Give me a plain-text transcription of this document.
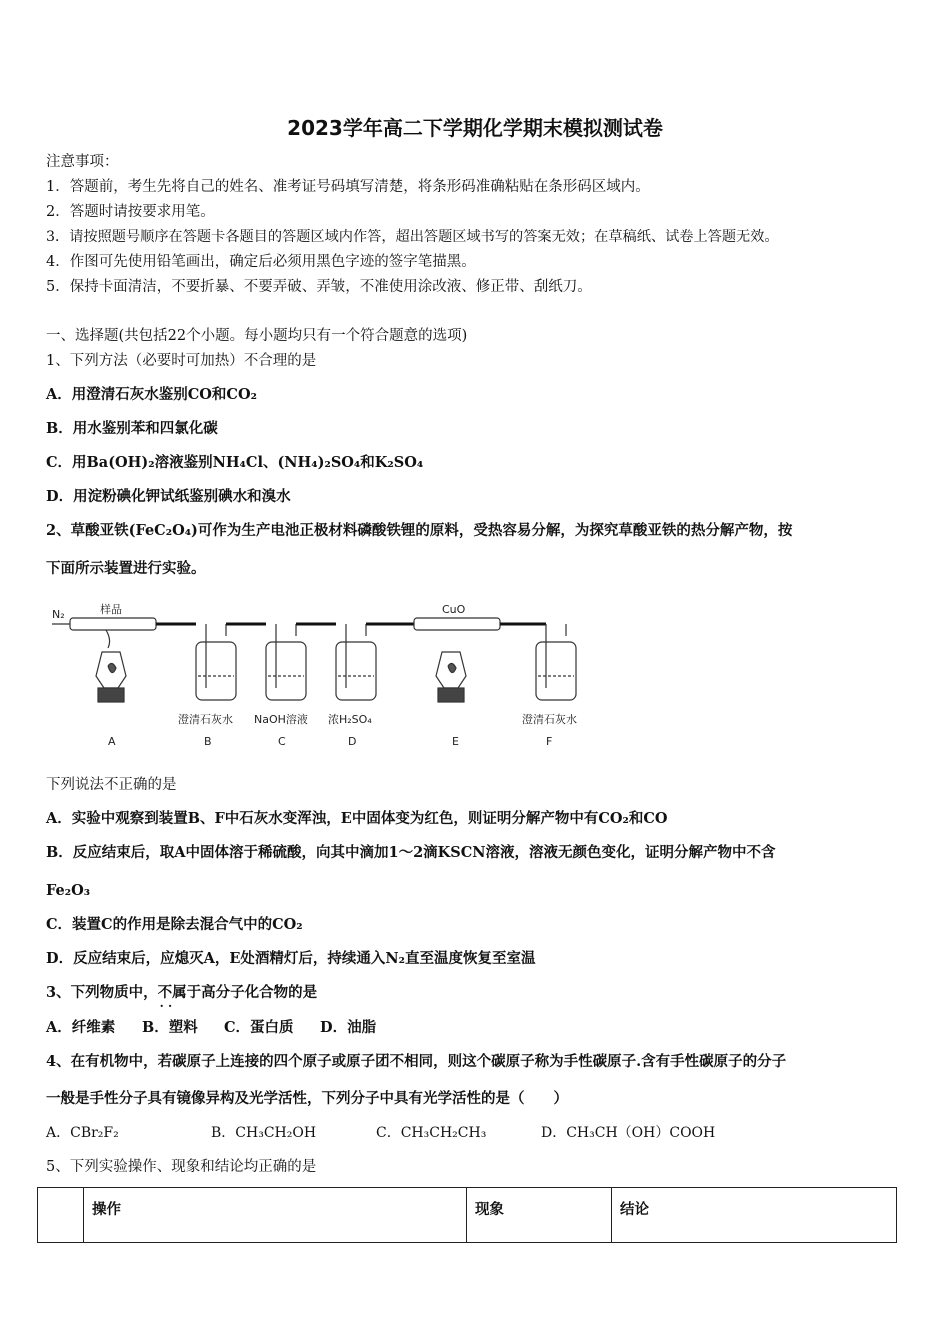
2023学年高二下学期化学期末模拟测试卷
注意事项：
1．答题前，考生先将自己的姓名、准考证号码填写清楚，将条形码准确粘贴在条形码区域内。
2．答题时请按要求用笔。
3．请按照题号顺序在答题卡各题目的答题区域内作答，超出答题区域书写的答案无效；在草稿纸、试卷上答题无效。
4．作图可先使用铅笔画出，确定后必须用黑色字迹的签字笔描黑。
5．保持卡面清洁，不要折暴、不要弄破、弄皱，不准使用涂改液、修正带、刮纸刀。
一、选择题(共包括22个小题。每小题均只有一个符合题意的选项)
1、下列方法（必要时可加热）不合理的是
A．用澄清石灰水鉴别CO和CO₂
B．用水鉴别苯和四氯化碳
C．用Ba(OH)₂溶液鉴别NH₄Cl、(NH₄)₂SO₄和K₂SO₄
D．用淀粉碘化钾试纸鉴别碘水和溴水
2、草酸亚铁(FeC₂O₄)可作为生产电池正极材料磷酸铁锂的原料，受热容易分解，为探究草酸亚铁的热分解产物，按
下面所示装置进行实验。
N₂	样品	CuO
澄清石灰水 NaOH溶液 浓H₂SO₄	澄清石灰水
A	B	C	D	E	F
下列说法不正确的是
A．实验中观察到装置B、F中石灰水变浑浊，E中固体变为红色，则证明分解产物中有CO₂和CO
B．反应结束后，取A中固体溶于稀硫酸，向其中滴加1～2滴KSCN溶液，溶液无颜色变化，证明分解产物中不含
Fe₂O₃
C．装置C的作用是除去混合气中的CO₂
D．反应结束后，应熄灭A，E处酒精灯后，持续通入N₂直至温度恢复至室温
3、下列物质中，不属于 · ·高分子化合物的是
A．纤维素 B．塑料 C．蛋白质 D．油脂
4、在有机物中，若碳原子上连接的四个原子或原子团不相同，则这个碳原子称为手性碳原子.含有手性碳原子的分子
一般是手性分子具有镜像异构及光学活性，下列分子中具有光学活性的是（　　）
A．CBr₂F₂	B．CH₃CH₂OH	C．CH₃CH₂CH₃	D．CH₃CH（OH）COOH
5、下列实验操作、现象和结论均正确的是
	操作	现象	结论
